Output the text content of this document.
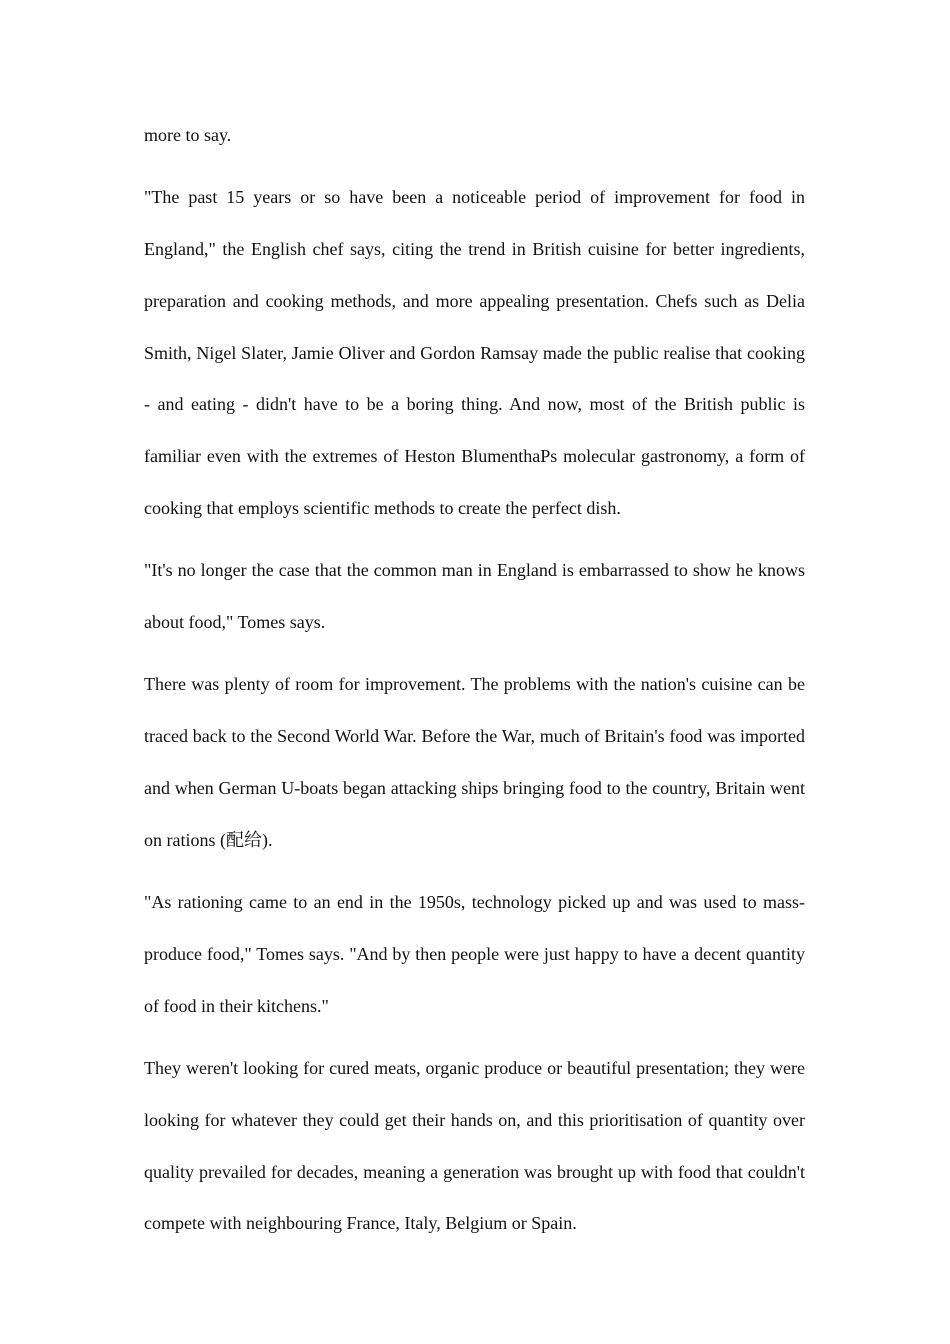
more to say.

"The past 15 years or so have been a noticeable period of improvement for food in England," the English chef says, citing the trend in British cuisine for better ingredients, preparation and cooking methods, and more appealing presentation. Chefs such as Delia Smith, Nigel Slater, Jamie Oliver and Gordon Ramsay made the public realise that cooking - and eating - didn't have to be a boring thing. And now, most of the British public is familiar even with the extremes of Heston BlumenthaPs molecular gastronomy, a form of cooking that employs scientific methods to create the perfect dish.

"It's no longer the case that the common man in England is embarrassed to show he knows about food," Tomes says.

There was plenty of room for improvement. The problems with the nation's cuisine can be traced back to the Second World War. Before the War, much of Britain's food was imported and when German U-boats began attacking ships bringing food to the country, Britain went on rations (配给).

"As rationing came to an end in the 1950s, technology picked up and was used to mass-produce food," Tomes says. "And by then people were just happy to have a decent quantity of food in their kitchens."

They weren't looking for cured meats, organic produce or beautiful presentation; they were looking for whatever they could get their hands on, and this prioritisation of quantity over quality prevailed for decades, meaning a generation was brought up with food that couldn't compete with neighbouring France, Italy, Belgium or Spain.
